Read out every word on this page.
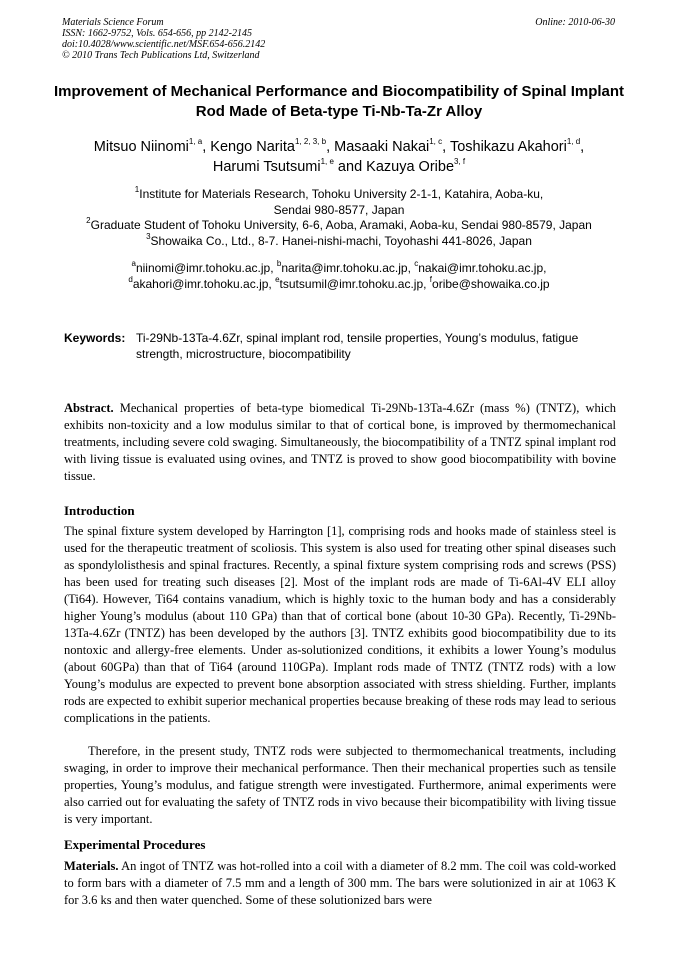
Materials Science Forum
ISSN: 1662-9752, Vols. 654-656, pp 2142-2145
doi:10.4028/www.scientific.net/MSF.654-656.2142
© 2010 Trans Tech Publications Ltd, Switzerland
Online: 2010-06-30
Improvement of Mechanical Performance and Biocompatibility of Spinal Implant Rod Made of Beta-type Ti-Nb-Ta-Zr Alloy
Mitsuo Niinomi$^{1, a}$, Kengo Narita$^{1, 2, 3, b}$, Masaaki Nakai$^{1, c}$, Toshikazu Akahori$^{1, d}$,
Harumi Tsutsumi$^{1, e}$ and Kazuya Oribe$^{3, f}$
$^1$Institute for Materials Research, Tohoku University 2-1-1, Katahira, Aoba-ku,
Sendai 980-8577, Japan
$^2$Graduate Student of Tohoku University, 6-6, Aoba, Aramaki, Aoba-ku, Sendai 980-8579, Japan
$^3$Showaika Co., Ltd., 8-7. Hanei-nishi-machi, Toyohashi 441-8026, Japan
$^a$niinomi@imr.tohoku.ac.jp, $^b$narita@imr.tohoku.ac.jp, $^c$nakai@imr.tohoku.ac.jp,
$^d$akahori@imr.tohoku.ac.jp, $^e$tsutsumil@imr.tohoku.ac.jp, $^f$oribe@showaika.co.jp
Keywords: Ti-29Nb-13Ta-4.6Zr, spinal implant rod, tensile properties, Young’s modulus, fatigue strength, microstructure, biocompatibility
Abstract. Mechanical properties of beta-type biomedical Ti-29Nb-13Ta-4.6Zr (mass %) (TNTZ), which exhibits non-toxicity and a low modulus similar to that of cortical bone, is improved by thermomechanical treatments, including severe cold swaging. Simultaneously, the biocompatibility of a TNTZ spinal implant rod with living tissue is evaluated using ovines, and TNTZ is proved to show good biocompatibility with bovine tissue.
Introduction
The spinal fixture system developed by Harrington [1], comprising rods and hooks made of stainless steel is used for the therapeutic treatment of scoliosis. This system is also used for treating other spinal diseases such as spondylolisthesis and spinal fractures. Recently, a spinal fixture system comprising rods and screws (PSS) has been used for treating such diseases [2]. Most of the implant rods are made of Ti-6Al-4V ELI alloy (Ti64). However, Ti64 contains vanadium, which is highly toxic to the human body and has a considerably higher Young’s modulus (about 110 GPa) than that of cortical bone (about 10-30 GPa). Recently, Ti-29Nb-13Ta-4.6Zr (TNTZ) has been developed by the authors [3]. TNTZ exhibits good biocompatibility due to its nontoxic and allergy-free elements. Under as-solutionized conditions, it exhibits a lower Young’s modulus (about 60GPa) than that of Ti64 (around 110GPa). Implant rods made of TNTZ (TNTZ rods) with a low Young’s modulus are expected to prevent bone absorption associated with stress shielding. Further, implants rods are expected to exhibit superior mechanical properties because breaking of these rods may lead to serious complications in the patients.
Therefore, in the present study, TNTZ rods were subjected to thermomechanical treatments, including swaging, in order to improve their mechanical performance. Then their mechanical properties such as tensile properties, Young’s modulus, and fatigue strength were investigated. Furthermore, animal experiments were also carried out for evaluating the safety of TNTZ rods in vivo because their bicompatibility with living tissue is very important.
Experimental Procedures
Materials. An ingot of TNTZ was hot-rolled into a coil with a diameter of 8.2 mm. The coil was cold-worked to form bars with a diameter of 7.5 mm and a length of 300 mm. The bars were solutionized in air at 1063 K for 3.6 ks and then water quenched. Some of these solutionized bars were
